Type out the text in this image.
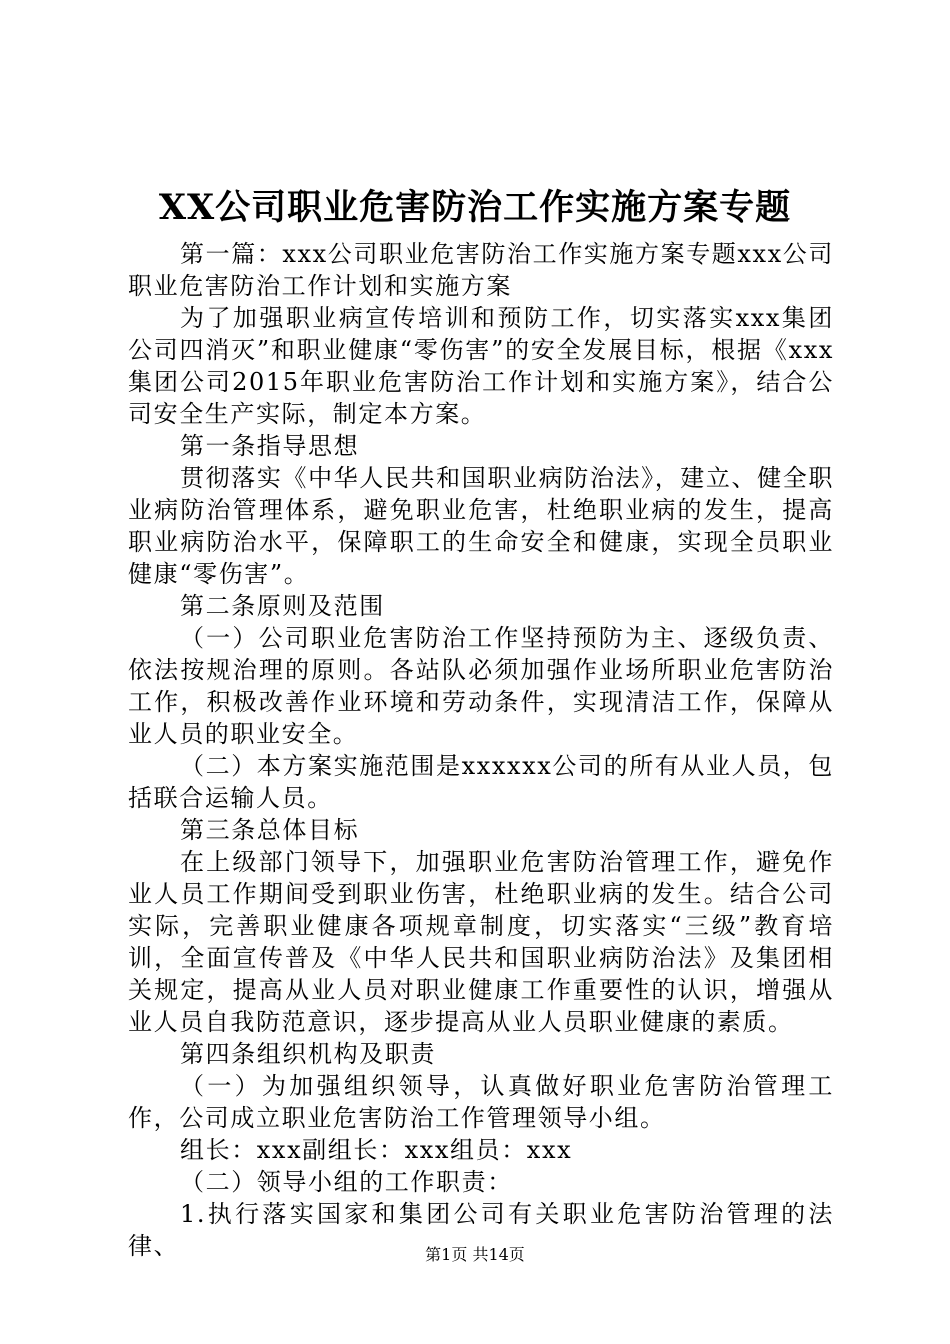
XX公司职业危害防治工作实施方案专题

第一篇：xxx公司职业危害防治工作实施方案专题xxx公司职业危害防治工作计划和实施方案

为了加强职业病宣传培训和预防工作，切实落实xxx集团公司四消灭”和职业健康“零伤害”的安全发展目标，根据《xxx集团公司2015年职业危害防治工作计划和实施方案》，结合公司安全生产实际，制定本方案。

第一条指导思想

贯彻落实《中华人民共和国职业病防治法》，建立、健全职业病防治管理体系，避免职业危害，杜绝职业病的发生，提高职业病防治水平，保障职工的生命安全和健康，实现全员职业健康“零伤害”。

第二条原则及范围

（一）公司职业危害防治工作坚持预防为主、逐级负责、依法按规治理的原则。各站队必须加强作业场所职业危害防治工作，积极改善作业环境和劳动条件，实现清洁工作，保障从业人员的职业安全。

（二）本方案实施范围是xxxxxx公司的所有从业人员，包括联合运输人员。

第三条总体目标

在上级部门领导下，加强职业危害防治管理工作，避免作业人员工作期间受到职业伤害，杜绝职业病的发生。结合公司实际，完善职业健康各项规章制度，切实落实“三级”教育培训，全面宣传普及《中华人民共和国职业病防治法》及集团相关规定，提高从业人员对职业健康工作重要性的认识，增强从业人员自我防范意识，逐步提高从业人员职业健康的素质。

第四条组织机构及职责

（一）为加强组织领导，认真做好职业危害防治管理工作，公司成立职业危害防治工作管理领导小组。

组长：xxx副组长：xxx组员：xxx

（二）领导小组的工作职责：

1.执行落实国家和集团公司有关职业危害防治管理的法律、	第1页 共14页
